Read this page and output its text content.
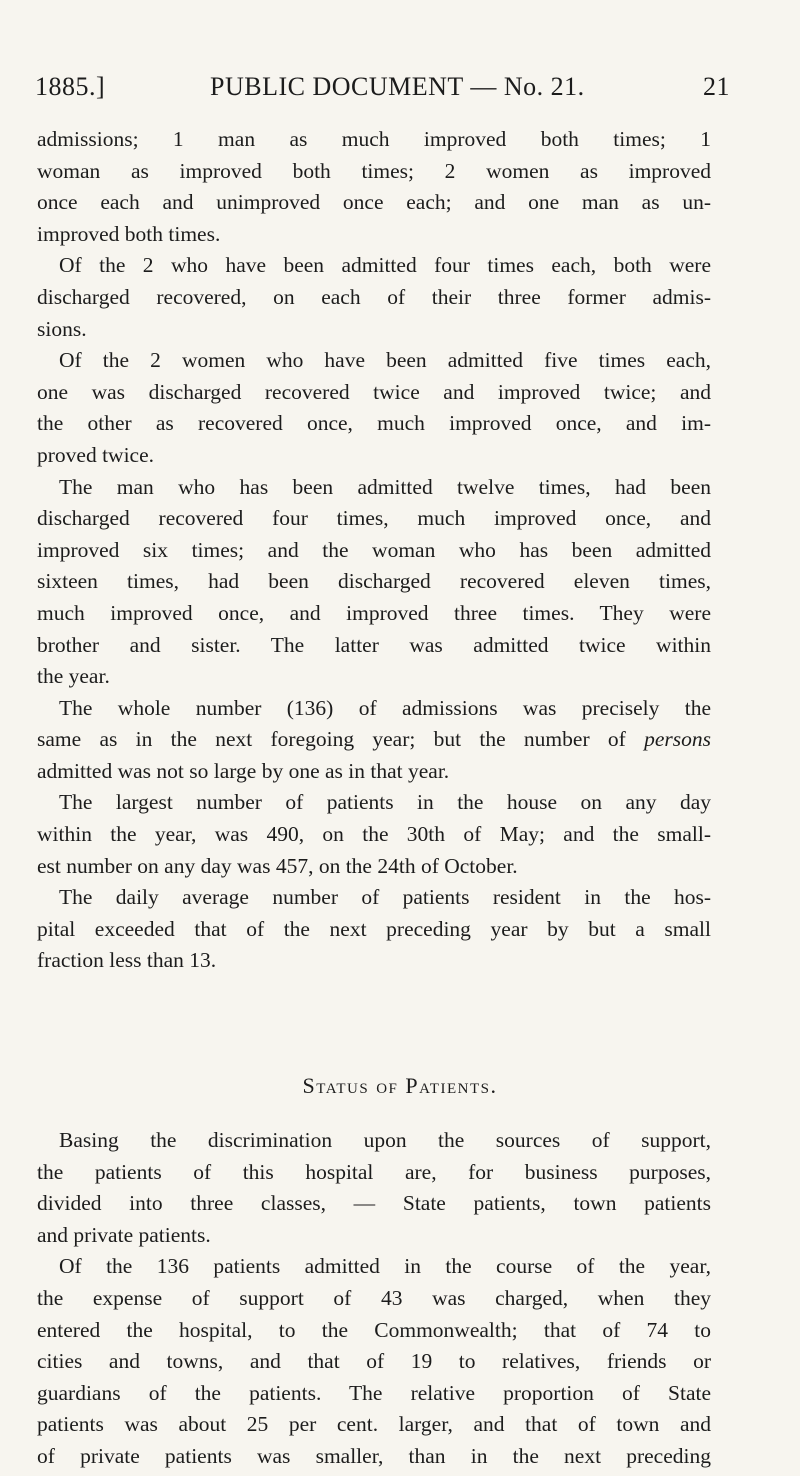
1885.]	PUBLIC DOCUMENT — No. 21.	21
admissions; 1 man as much improved both times; 1
woman as improved both times; 2 women as improved
once each and unimproved once each; and one man as un-
improved both times.
Of the 2 who have been admitted four times each, both were
discharged recovered, on each of their three former admis-
sions.
Of the 2 women who have been admitted five times each,
one was discharged recovered twice and improved twice; and
the other as recovered once, much improved once, and im-
proved twice.
The man who has been admitted twelve times, had been
discharged recovered four times, much improved once, and
improved six times; and the woman who has been admitted
sixteen times, had been discharged recovered eleven times,
much improved once, and improved three times. They were
brother and sister. The latter was admitted twice within
the year.
The whole number (136) of admissions was precisely the
same as in the next foregoing year; but the number of persons
admitted was not so large by one as in that year.
The largest number of patients in the house on any day
within the year, was 490, on the 30th of May; and the small-
est number on any day was 457, on the 24th of October.
The daily average number of patients resident in the hos-
pital exceeded that of the next preceding year by but a small
fraction less than 13.
Status of Patients.
Basing the discrimination upon the sources of support,
the patients of this hospital are, for business purposes,
divided into three classes, — State patients, town patients
and private patients.
Of the 136 patients admitted in the course of the year,
the expense of support of 43 was charged, when they
entered the hospital, to the Commonwealth; that of 74 to
cities and towns, and that of 19 to relatives, friends or
guardians of the patients. The relative proportion of State
patients was about 25 per cent. larger, and that of town and
of private patients was smaller, than in the next preceding
